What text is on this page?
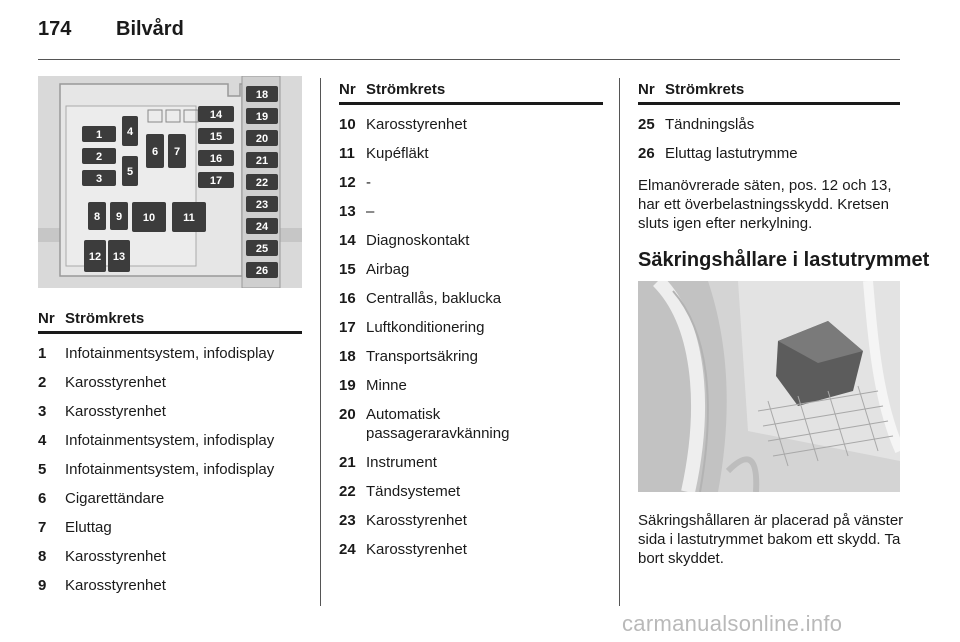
174 Bilvård
1
2
3
4
5
6 7
8 9 10	11
12 13
14
15
16
17
18
19
20
21
22
23
24
25
26
Nr Strömkrets
1	Infotainmentsystem, infodisplay
2	Karosstyrenhet
3	Karosstyrenhet
4	Infotainmentsystem, infodisplay
5	Infotainmentsystem, infodisplay
6	Cigarettändare
7	Eluttag
8	Karosstyrenhet
9	Karosstyrenhet
Nr Strömkrets
10 Karosstyrenhet
11 Kupéfläkt
12 -
13 –
14 Diagnoskontakt
15 Airbag
16 Centrallås, baklucka
17 Luftkonditionering
18 Transportsäkring
19 Minne
20 Automatisk passageraravkänning
21 Instrument
22 Tändsystemet
23 Karosstyrenhet
24 Karosstyrenhet
Nr Strömkrets
25 Tändningslås
26 Eluttag lastutrymme
Elmanövrerade säten, pos. 12 och 13, har ett överbelastningsskydd. Kretsen sluts igen efter nerkylning.
Säkringshållare i lastutrymmet
Säkringshållaren är placerad på vänster sida i lastutrymmet bakom ett skydd. Ta bort skyddet.
carmanualsonline.info
